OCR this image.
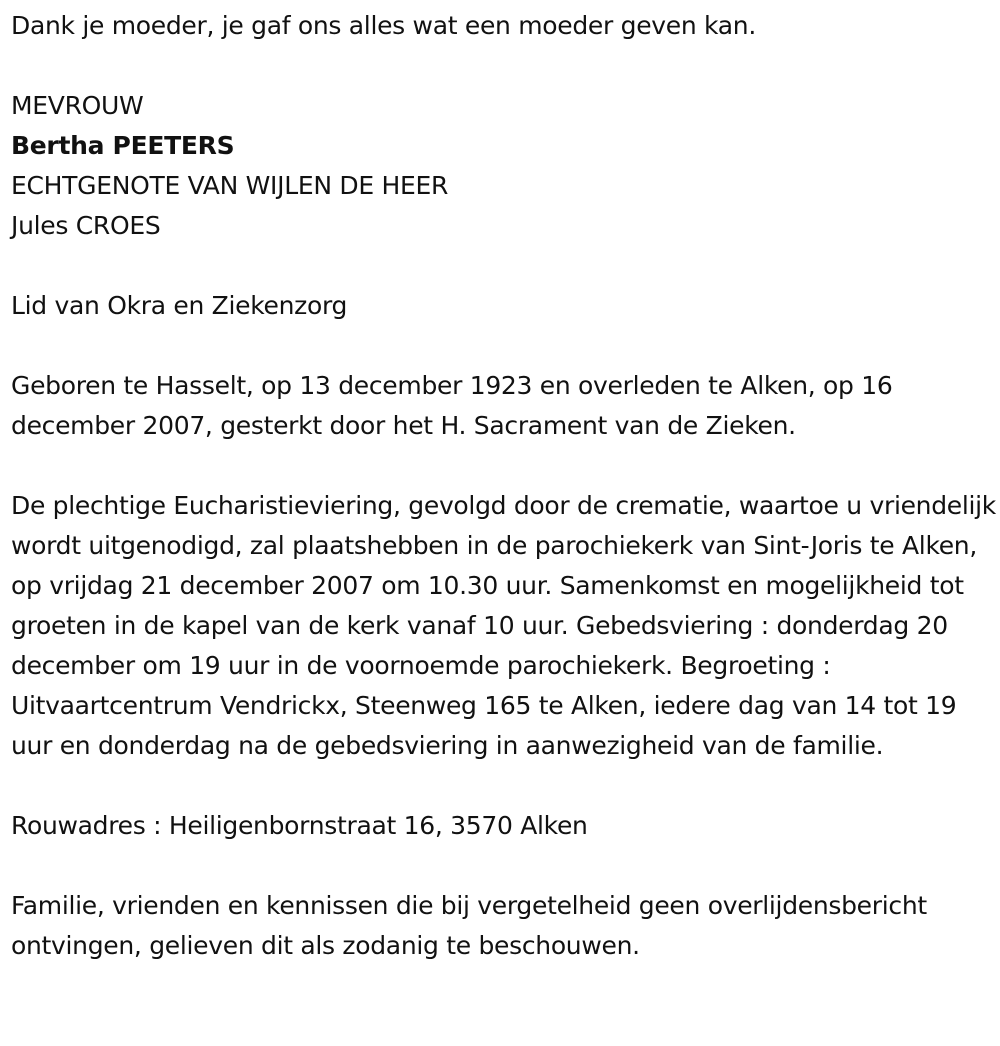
Dank je moeder, je gaf ons alles wat een moeder geven kan.
MEVROUW
Bertha PEETERS
ECHTGENOTE VAN WIJLEN DE HEER
Jules CROES
Lid van Okra en Ziekenzorg
Geboren te Hasselt, op 13 december 1923 en overleden te Alken, op 16 december 2007, gesterkt door het H. Sacrament van de Zieken.
De plechtige Eucharistieviering, gevolgd door de crematie, waartoe u vriendelijk wordt uitgenodigd, zal plaatshebben in de parochiekerk van Sint-Joris te Alken, op vrijdag 21 december 2007 om 10.30 uur. Samenkomst en mogelijkheid tot groeten in de kapel van de kerk vanaf 10 uur. Gebedsviering : donderdag 20 december om 19 uur in de voornoemde parochiekerk. Begroeting : Uitvaartcentrum Vendrickx, Steenweg 165 te Alken, iedere dag van 14 tot 19 uur en donderdag na de gebedsviering in aanwezigheid van de familie.
Rouwadres : Heiligenbornstraat 16, 3570 Alken
Familie, vrienden en kennissen die bij vergetelheid geen overlijdensbericht ontvingen, gelieven dit als zodanig te beschouwen.
